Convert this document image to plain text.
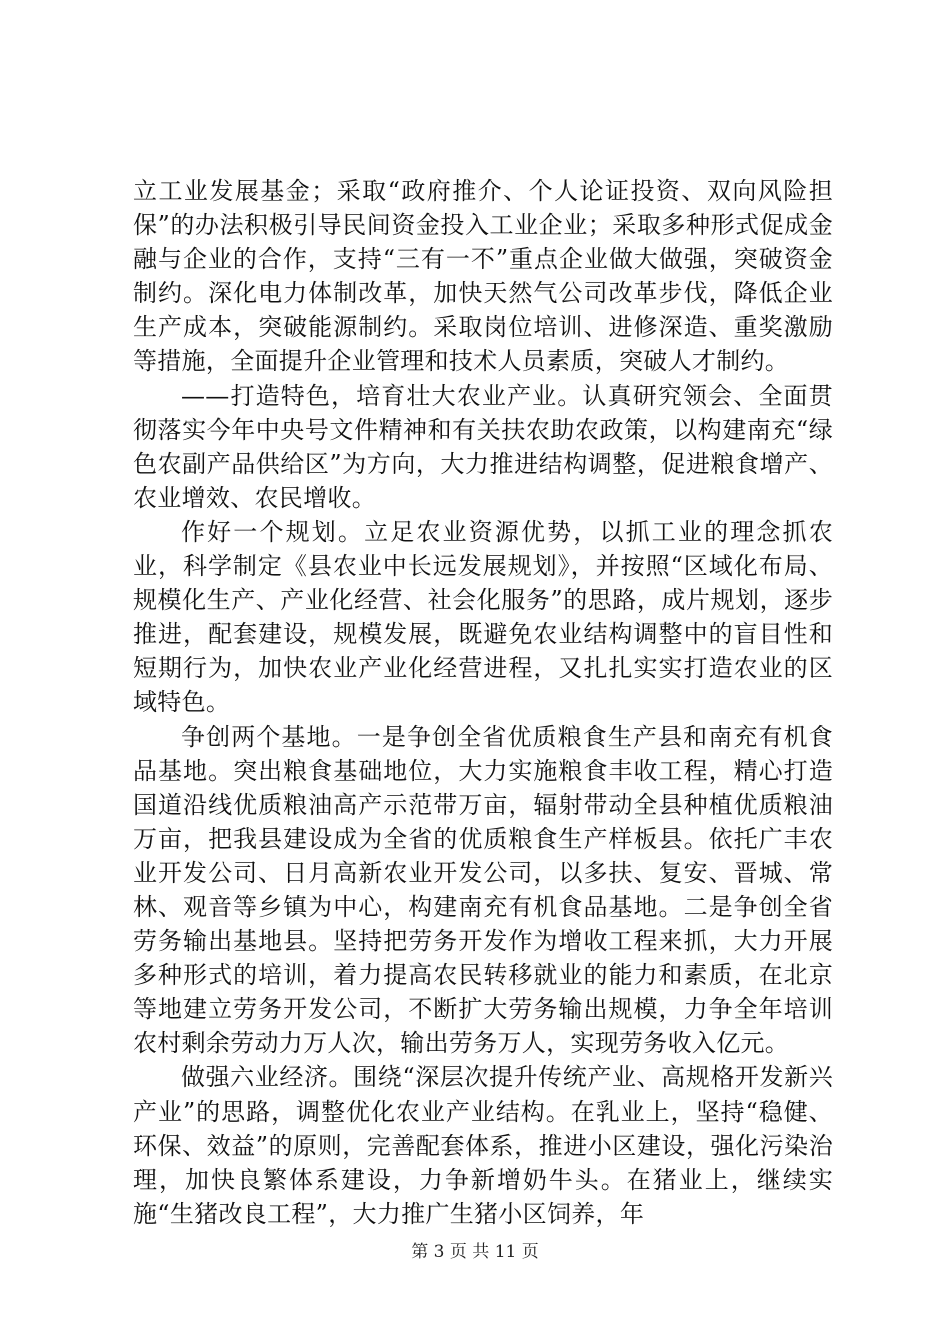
立工业发展基金；采取“政府推介、个人论证投资、双向风险担保”的办法积极引导民间资金投入工业企业；采取多种形式促成金融与企业的合作，支持“三有一不”重点企业做大做强，突破资金制约。深化电力体制改革，加快天然气公司改革步伐，降低企业生产成本，突破能源制约。采取岗位培训、进修深造、重奖激励等措施，全面提升企业管理和技术人员素质，突破人才制约。

——打造特色，培育壮大农业产业。认真研究领会、全面贯彻落实今年中央号文件精神和有关扶农助农政策，以构建南充“绿色农副产品供给区”为方向，大力推进结构调整，促进粮食增产、农业增效、农民增收。

作好一个规划。立足农业资源优势，以抓工业的理念抓农业，科学制定《县农业中长远发展规划》，并按照“区域化布局、规模化生产、产业化经营、社会化服务”的思路，成片规划，逐步推进，配套建设，规模发展，既避免农业结构调整中的盲目性和短期行为，加快农业产业化经营进程，又扎扎实实打造农业的区域特色。

争创两个基地。一是争创全省优质粮食生产县和南充有机食品基地。突出粮食基础地位，大力实施粮食丰收工程，精心打造国道沿线优质粮油高产示范带万亩，辐射带动全县种植优质粮油万亩，把我县建设成为全省的优质粮食生产样板县。依托广丰农业开发公司、日月高新农业开发公司，以多扶、复安、晋城、常林、观音等乡镇为中心，构建南充有机食品基地。二是争创全省劳务输出基地县。坚持把劳务开发作为增收工程来抓，大力开展多种形式的培训，着力提高农民转移就业的能力和素质，在北京等地建立劳务开发公司，不断扩大劳务输出规模，力争全年培训农村剩余劳动力万人次，输出劳务万人，实现劳务收入亿元。

做强六业经济。围绕“深层次提升传统产业、高规格开发新兴产业”的思路，调整优化农业产业结构。在乳业上，坚持“稳健、环保、效益”的原则，完善配套体系，推进小区建设，强化污染治理，加快良繁体系建设，力争新增奶牛头。在猪业上，继续实施“生猪改良工程”，大力推广生猪小区饲养，年

第 3 页 共 11 页
